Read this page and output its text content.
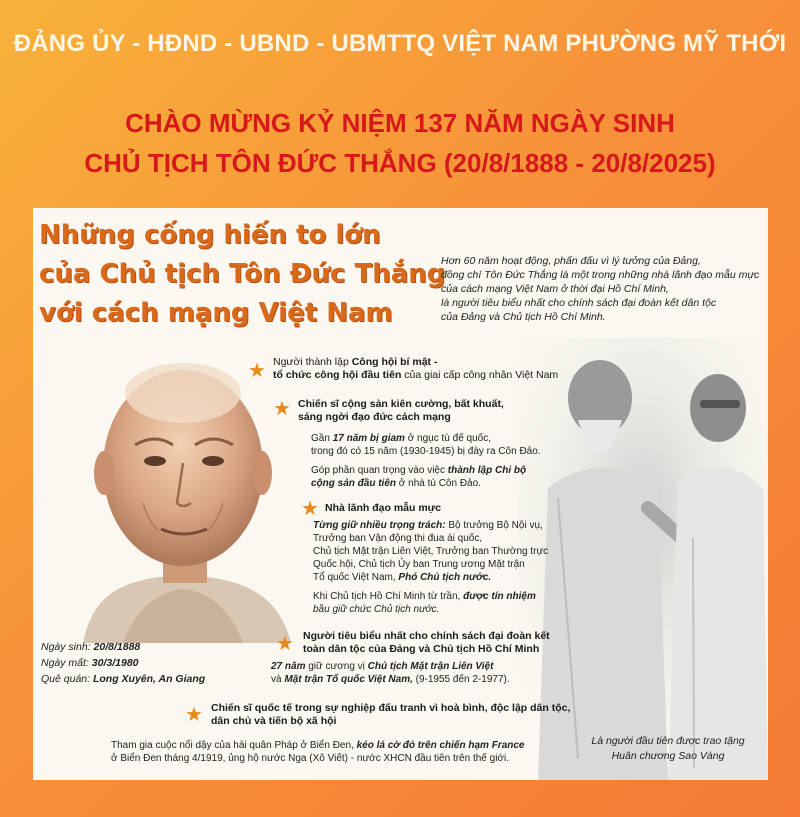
ĐẢNG ỦY - HĐND - UBND - UBMTTQ VIỆT NAM PHƯỜNG MỸ THỚI
CHÀO MỪNG KỶ NIỆM 137 NĂM NGÀY SINH
CHỦ TỊCH TÔN ĐỨC THẮNG (20/8/1888 - 20/8/2025)
Những cống hiến to lớn
của Chủ tịch Tôn Đức Thắng
với cách mạng Việt Nam
Hơn 60 năm hoạt động, phấn đấu vì lý tưởng của Đảng,
đồng chí Tôn Đức Thắng là một trong những nhà lãnh đạo mẫu mực
của cách mạng Việt Nam ở thời đại Hồ Chí Minh,
là người tiêu biểu nhất cho chính sách đại đoàn kết dân tộc
của Đảng và Chủ tịch Hồ Chí Minh.
Ngày sinh: 20/8/1888
Ngày mất: 30/3/1980
Quê quán: Long Xuyên, An Giang
Là người đầu tiên được trao tặng
Huân chương Sao Vàng
★ Người thành lập Công hội bí mật -
tổ chức công hội đầu tiên của giai cấp công nhân Việt Nam
★ Chiến sĩ cộng sản kiên cường, bất khuất,
sáng ngời đạo đức cách mạng
Gần 17 năm bị giam ở ngục tù đế quốc,
trong đó có 15 năm (1930-1945) bị đày ra Côn Đảo.
Góp phần quan trọng vào việc thành lập Chi bộ
cộng sản đầu tiên ở nhà tù Côn Đảo.
★ Nhà lãnh đạo mẫu mực
Từng giữ nhiều trọng trách: Bộ trưởng Bộ Nội vụ,
Trưởng ban Vận động thi đua ái quốc,
Chủ tịch Mặt trận Liên Việt, Trưởng ban Thường trực
Quốc hội, Chủ tịch Ủy ban Trung ương Mặt trận
Tổ quốc Việt Nam, Phó Chủ tịch nước.
Khi Chủ tịch Hồ Chí Minh từ trần, được tín nhiệm
bầu giữ chức Chủ tịch nước.
★ Người tiêu biểu nhất cho chính sách đại đoàn kết
toàn dân tộc của Đảng và Chủ tịch Hồ Chí Minh
27 năm giữ cương vị Chủ tịch Mặt trận Liên Việt
và Mặt trận Tổ quốc Việt Nam, (9-1955 đến 2-1977).
★ Chiến sĩ quốc tế trong sự nghiệp đấu tranh vì hoà bình, độc lập dân tộc,
dân chủ và tiến bộ xã hội
Tham gia cuộc nổi dậy của hải quân Pháp ở Biển Đen, kéo lá cờ đỏ trên chiến hạm France
ở Biển Đen tháng 4/1919, ủng hộ nước Nga (Xô Viết) - nước XHCN đầu tiên trên thế giới.
